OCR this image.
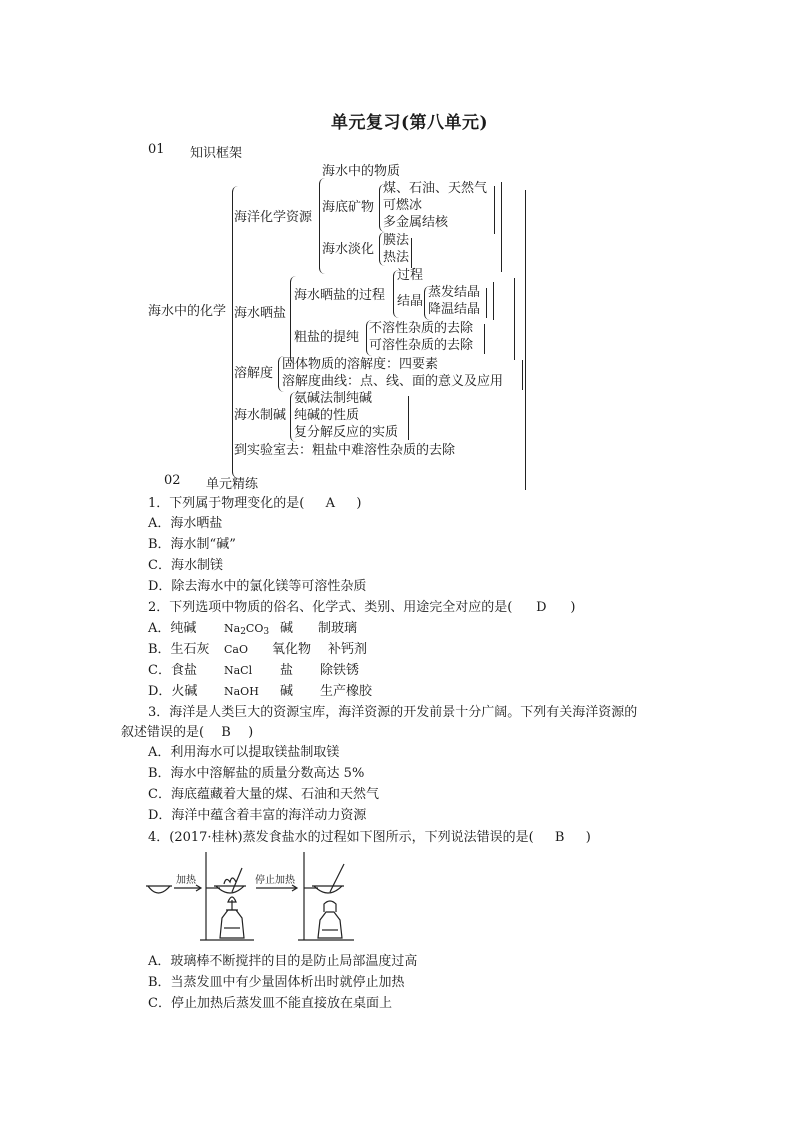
单元复习(第八单元)
01 知识框架
海水中的化学
海洋化学资源
海水中的物质
海底矿物
煤、石油、天然气
可燃冰
多金属结核
海水淡化
膜法
热法
海水晒盐
海水晒盐的过程
过程
结晶
蒸发结晶
降温结晶
粗盐的提纯
不溶性杂质的去除
可溶性杂质的去除
溶解度
固体物质的溶解度：四要素
溶解度曲线：点、线、面的意义及应用
海水制碱
氨碱法制纯碱
纯碱的性质
复分解反应的实质
到实验室去：粗盐中难溶性杂质的去除
02 单元精练
1．下列属于物理变化的是( A )
A．海水晒盐
B．海水制“碱”
C．海水制镁
D．除去海水中的氯化镁等可溶性杂质
2．下列选项中物质的俗名、化学式、类别、用途完全对应的是( D )
A．纯碱	$Na_2CO_3$ 碱 制玻璃
B．生石灰 CaO 氧化物 补钙剂
C．食盐 NaCl 盐 除铁锈
D．火碱 NaOH 碱 生产橡胶
3．海洋是人类巨大的资源宝库，海洋资源的开发前景十分广阔。下列有关海洋资源的
叙述错误的是( B )
A．利用海水可以提取镁盐制取镁
B．海水中溶解盐的质量分数高达 5%
C．海底蕴藏着大量的煤、石油和天然气
D．海洋中蕴含着丰富的海洋动力资源
4．(2017·桂林)蒸发食盐水的过程如下图所示，下列说法错误的是( B )
加热	停止加热
A．玻璃棒不断搅拌的目的是防止局部温度过高
B．当蒸发皿中有少量固体析出时就停止加热
C．停止加热后蒸发皿不能直接放在桌面上
